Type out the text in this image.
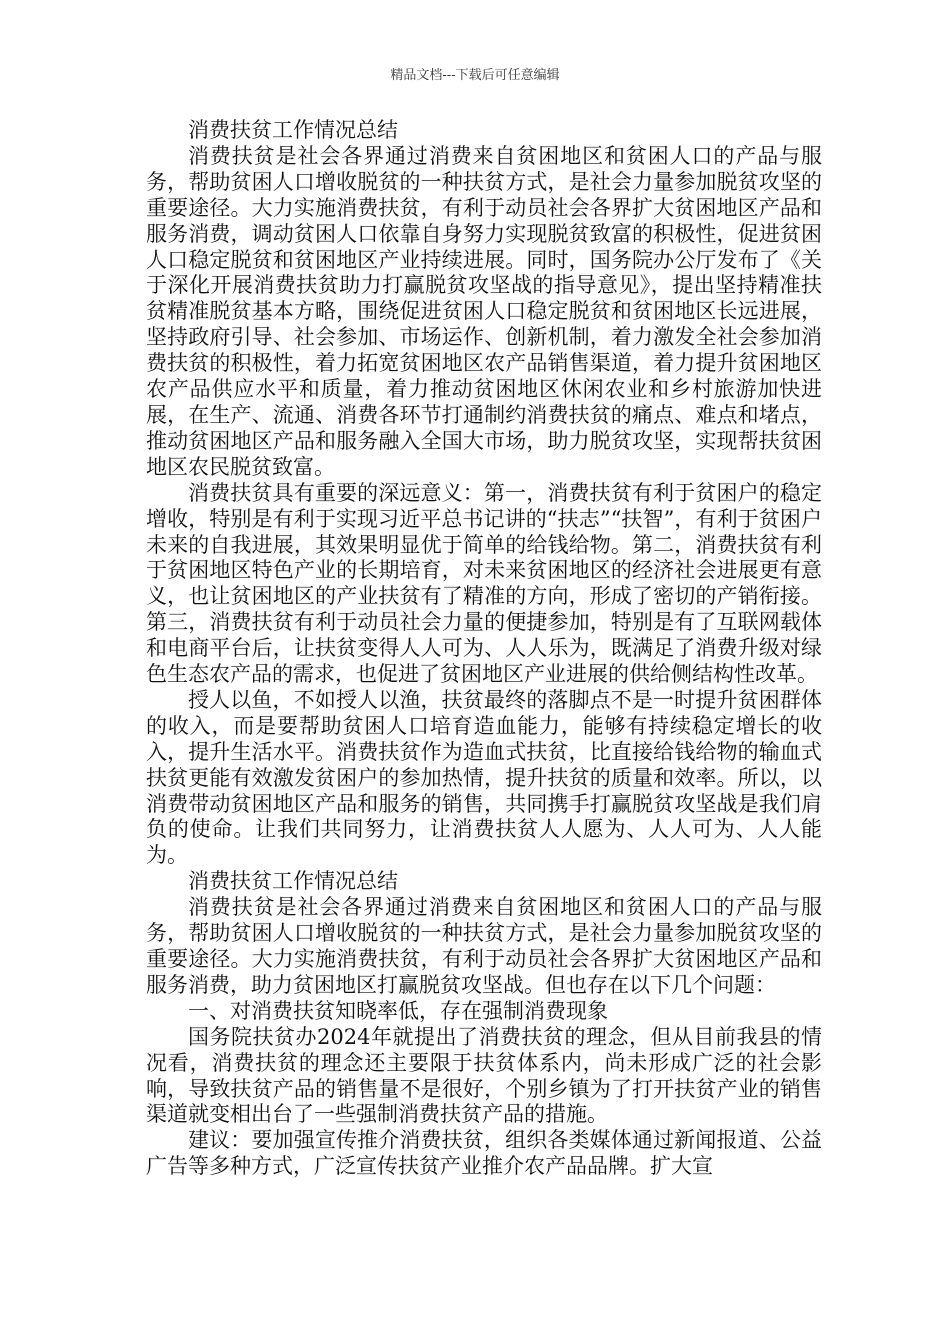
精品文档---下载后可任意编辑

消费扶贫工作情况总结

消费扶贫是社会各界通过消费来自贫困地区和贫困人口的产品与服务，帮助贫困人口增收脱贫的一种扶贫方式，是社会力量参加脱贫攻坚的重要途径。大力实施消费扶贫，有利于动员社会各界扩大贫困地区产品和服务消费，调动贫困人口依靠自身努力实现脱贫致富的积极性，促进贫困人口稳定脱贫和贫困地区产业持续进展。同时，国务院办公厅发布了《关于深化开展消费扶贫助力打赢脱贫攻坚战的指导意见》，提出坚持精准扶贫精准脱贫基本方略，围绕促进贫困人口稳定脱贫和贫困地区长远进展，坚持政府引导、社会参加、市场运作、创新机制，着力激发全社会参加消费扶贫的积极性，着力拓宽贫困地区农产品销售渠道，着力提升贫困地区农产品供应水平和质量，着力推动贫困地区休闲农业和乡村旅游加快进展，在生产、流通、消费各环节打通制约消费扶贫的痛点、难点和堵点，推动贫困地区产品和服务融入全国大市场，助力脱贫攻坚，实现帮扶贫困地区农民脱贫致富。

消费扶贫具有重要的深远意义：第一，消费扶贫有利于贫困户的稳定增收，特别是有利于实现习近平总书记讲的“扶志”“扶智”，有利于贫困户未来的自我进展，其效果明显优于简单的给钱给物。第二，消费扶贫有利于贫困地区特色产业的长期培育，对未来贫困地区的经济社会进展更有意义，也让贫困地区的产业扶贫有了精准的方向，形成了密切的产销衔接。第三，消费扶贫有利于动员社会力量的便捷参加，特别是有了互联网载体和电商平台后，让扶贫变得人人可为、人人乐为，既满足了消费升级对绿色生态农产品的需求，也促进了贫困地区产业进展的供给侧结构性改革。

授人以鱼，不如授人以渔，扶贫最终的落脚点不是一时提升贫困群体的收入，而是要帮助贫困人口培育造血能力，能够有持续稳定增长的收入，提升生活水平。消费扶贫作为造血式扶贫，比直接给钱给物的输血式扶贫更能有效激发贫困户的参加热情，提升扶贫的质量和效率。所以，以消费带动贫困地区产品和服务的销售，共同携手打赢脱贫攻坚战是我们肩负的使命。让我们共同努力，让消费扶贫人人愿为、人人可为、人人能为。

消费扶贫工作情况总结

消费扶贫是社会各界通过消费来自贫困地区和贫困人口的产品与服务，帮助贫困人口增收脱贫的一种扶贫方式，是社会力量参加脱贫攻坚的重要途径。大力实施消费扶贫，有利于动员社会各界扩大贫困地区产品和服务消费，助力贫困地区打赢脱贫攻坚战。但也存在以下几个问题：

一、对消费扶贫知晓率低，存在强制消费现象

国务院扶贫办2024年就提出了消费扶贫的理念，但从目前我县的情况看，消费扶贫的理念还主要限于扶贫体系内，尚未形成广泛的社会影响，导致扶贫产品的销售量不是很好，个别乡镇为了打开扶贫产业的销售渠道就变相出台了一些强制消费扶贫产品的措施。

建议：要加强宣传推介消费扶贫，组织各类媒体通过新闻报道、公益广告等多种方式，广泛宣传扶贫产业推介农产品品牌。扩大宣
